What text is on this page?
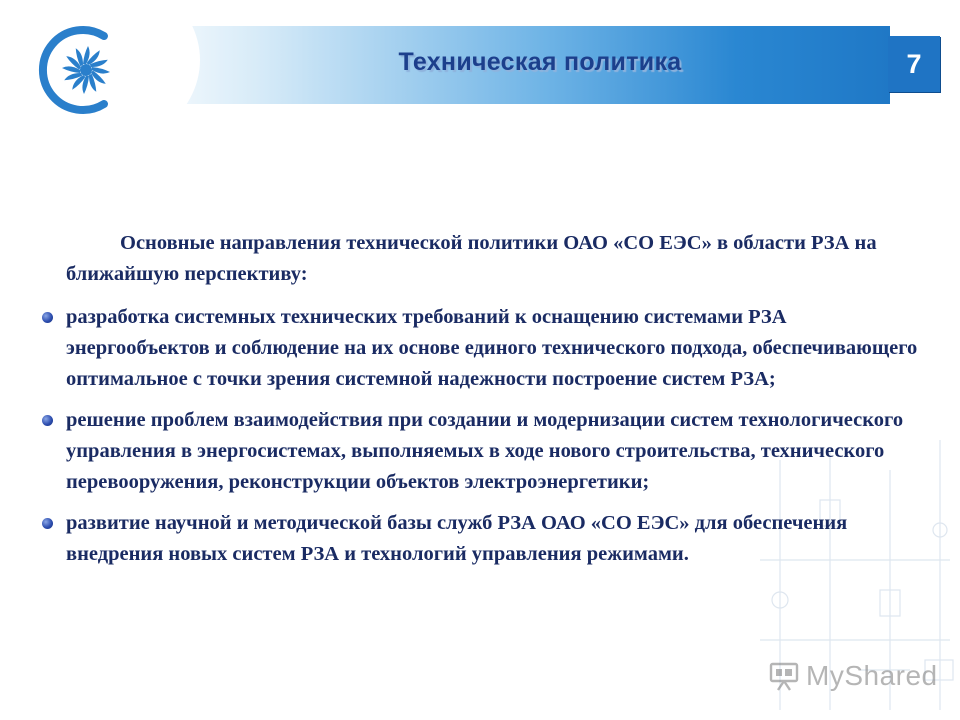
Техническая политика	7

Основные направления технической политики ОАО «СО ЕЭС» в области РЗА на ближайшую перспективу:

разработка системных технических требований к оснащению системами РЗА энергообъектов и соблюдение на их основе единого технического подхода, обеспечивающего оптимальное с точки зрения системной надежности построение систем РЗА;
решение проблем взаимодействия при создании и модернизации систем технологического управления в энергосистемах, выполняемых в ходе нового строительства, технического перевооружения, реконструкции объектов электроэнергетики;
развитие научной и методической базы служб РЗА ОАО «СО ЕЭС» для обеспечения внедрения новых систем РЗА и технологий управления режимами.
MyShared
